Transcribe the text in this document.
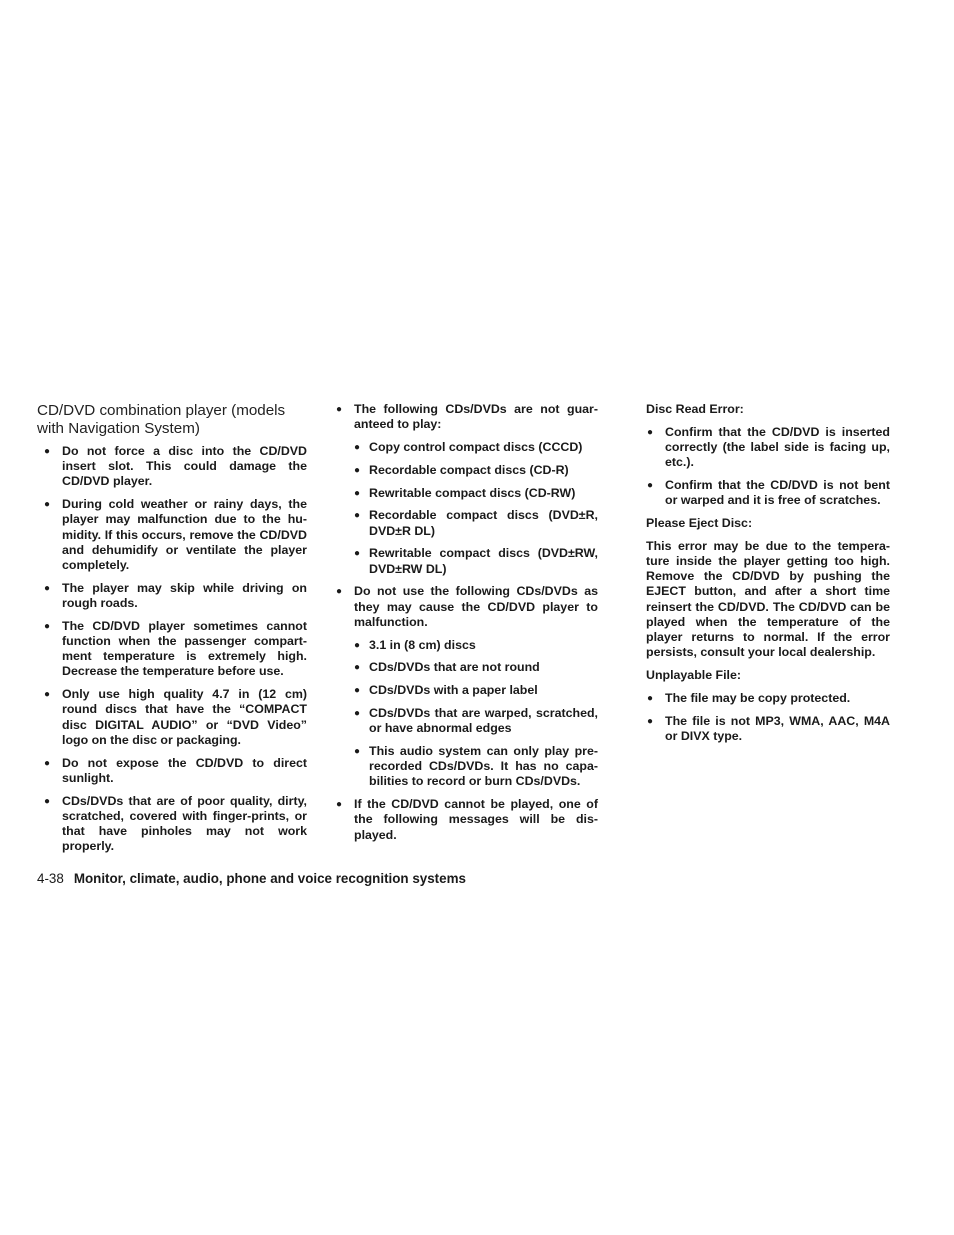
CD/DVD combination player (models with Navigation System)
● Do not force a disc into the CD/DVD insert slot. This could damage the CD/DVD player.
● During cold weather or rainy days, the player may malfunction due to the hu-midity. If this occurs, remove the CD/DVD and dehumidify or ventilate the player completely.
● The player may skip while driving on rough roads.
● The CD/DVD player sometimes cannot function when the passenger compart-ment temperature is extremely high. Decrease the temperature before use.
● Only use high quality 4.7 in (12 cm) round discs that have the “COMPACT disc DIGITAL AUDIO” or “DVD Video” logo on the disc or packaging.
● Do not expose the CD/DVD to direct sunlight.
● CDs/DVDs that are of poor quality, dirty, scratched, covered with finger-prints, or that have pinholes may not work properly.
● The following CDs/DVDs are not guar-anteed to play:
● Copy control compact discs (CCCD)
● Recordable compact discs (CD-R)
● Rewritable compact discs (CD-RW)
● Recordable compact discs (DVD±R, DVD±R DL)
● Rewritable compact discs (DVD±RW, DVD±RW DL)
● Do not use the following CDs/DVDs as they may cause the CD/DVD player to malfunction.
● 3.1 in (8 cm) discs
● CDs/DVDs that are not round
● CDs/DVDs with a paper label
● CDs/DVDs that are warped, scratched, or have abnormal edges
● This audio system can only play pre-recorded CDs/DVDs. It has no capa-bilities to record or burn CDs/DVDs.
● If the CD/DVD cannot be played, one of the following messages will be dis-played.
Disc Read Error:
● Confirm that the CD/DVD is inserted correctly (the label side is facing up, etc.).
● Confirm that the CD/DVD is not bent or warped and it is free of scratches.
Please Eject Disc:

This error may be due to the tempera-ture inside the player getting too high. Remove the CD/DVD by pushing the EJECT button, and after a short time reinsert the CD/DVD. The CD/DVD can be played when the temperature of the player returns to normal. If the error persists, consult your local dealership.

Unplayable File:
● The file may be copy protected.
● The file is not MP3, WMA, AAC, M4A or DIVX type.
4-38 Monitor, climate, audio, phone and voice recognition systems
